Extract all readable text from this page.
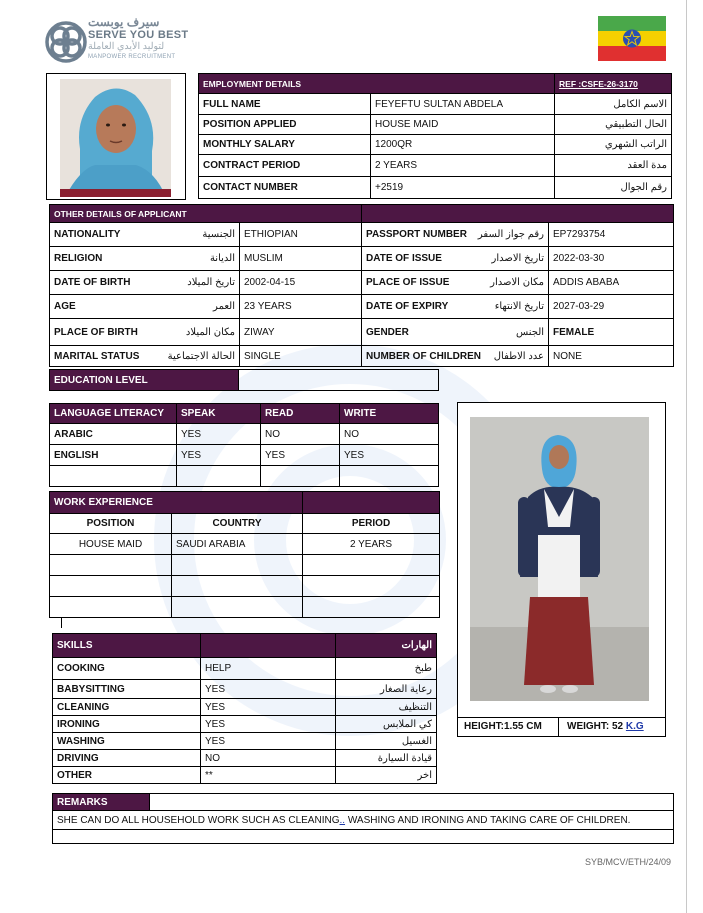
سيرف يوبست
SERVE YOU BEST
لتوليد الأيدي العاملة
MANPOWER RECRUITMENT
EMPLOYMENT DETAILS		REF :CSFE-26-3170
FULL NAME	FEYEFTU SULTAN ABDELA	الاسم الكامل
POSITION APPLIED	HOUSE MAID	الحال التطبيقي
MONTHLY SALARY	1200QR	الراتب الشهري
CONTRACT PERIOD	2 YEARS	مدة العقد
CONTACT NUMBER	+2519	رقم الجوال
OTHER DETAILS OF APPLICANT			

NATIONALITY الجنسية	ETHIOPIAN	PASSPORT NUMBER رقم جواز السفر	EP7293754

RELIGION الديانة	MUSLIM	DATE OF ISSUE تاريخ الاصدار	2022-03-30

DATE OF BIRTH تاريخ الميلاد	2002-04-15	PLACE OF ISSUE مكان الاصدار	ADDIS ABABA

AGE العمر	23 YEARS	DATE OF EXPIRY تاريخ الانتهاء	2027-03-29

PLACE OF BIRTH مكان الميلاد	ZIWAY	GENDER الجنس	FEMALE

MARITAL STATUS الحالة الاجتماعية	SINGLE	NUMBER OF CHILDREN عدد الاطفال	NONE
EDUCATION LEVEL	
LANGUAGE LITERACY	SPEAK	READ	WRITE
ARABIC	YES	NO	NO
ENGLISH	YES	YES	YES

WORK EXPERIENCE		
POSITION	COUNTRY	PERIOD
HOUSE MAID	SAUDI ARABIA	2 YEARS

SKILLS		الهارات
COOKING	HELP	طبخ
BABYSITTING	YES	رعاية الصغار
CLEANING	YES	التنظيف
IRONING	YES	كي الملابس
WASHING	YES	الغسيل
DRIVING	NO	قيادة السيارة
OTHER	**	اخر
HEIGHT:1.55 CM	WEIGHT: 52 K.G
REMARKS	
SHE CAN DO ALL HOUSEHOLD WORK SUCH AS CLEANING.. WASHING AND IRONING AND TAKING CARE OF CHILDREN.

SYB/MCV/ETH/24/09
